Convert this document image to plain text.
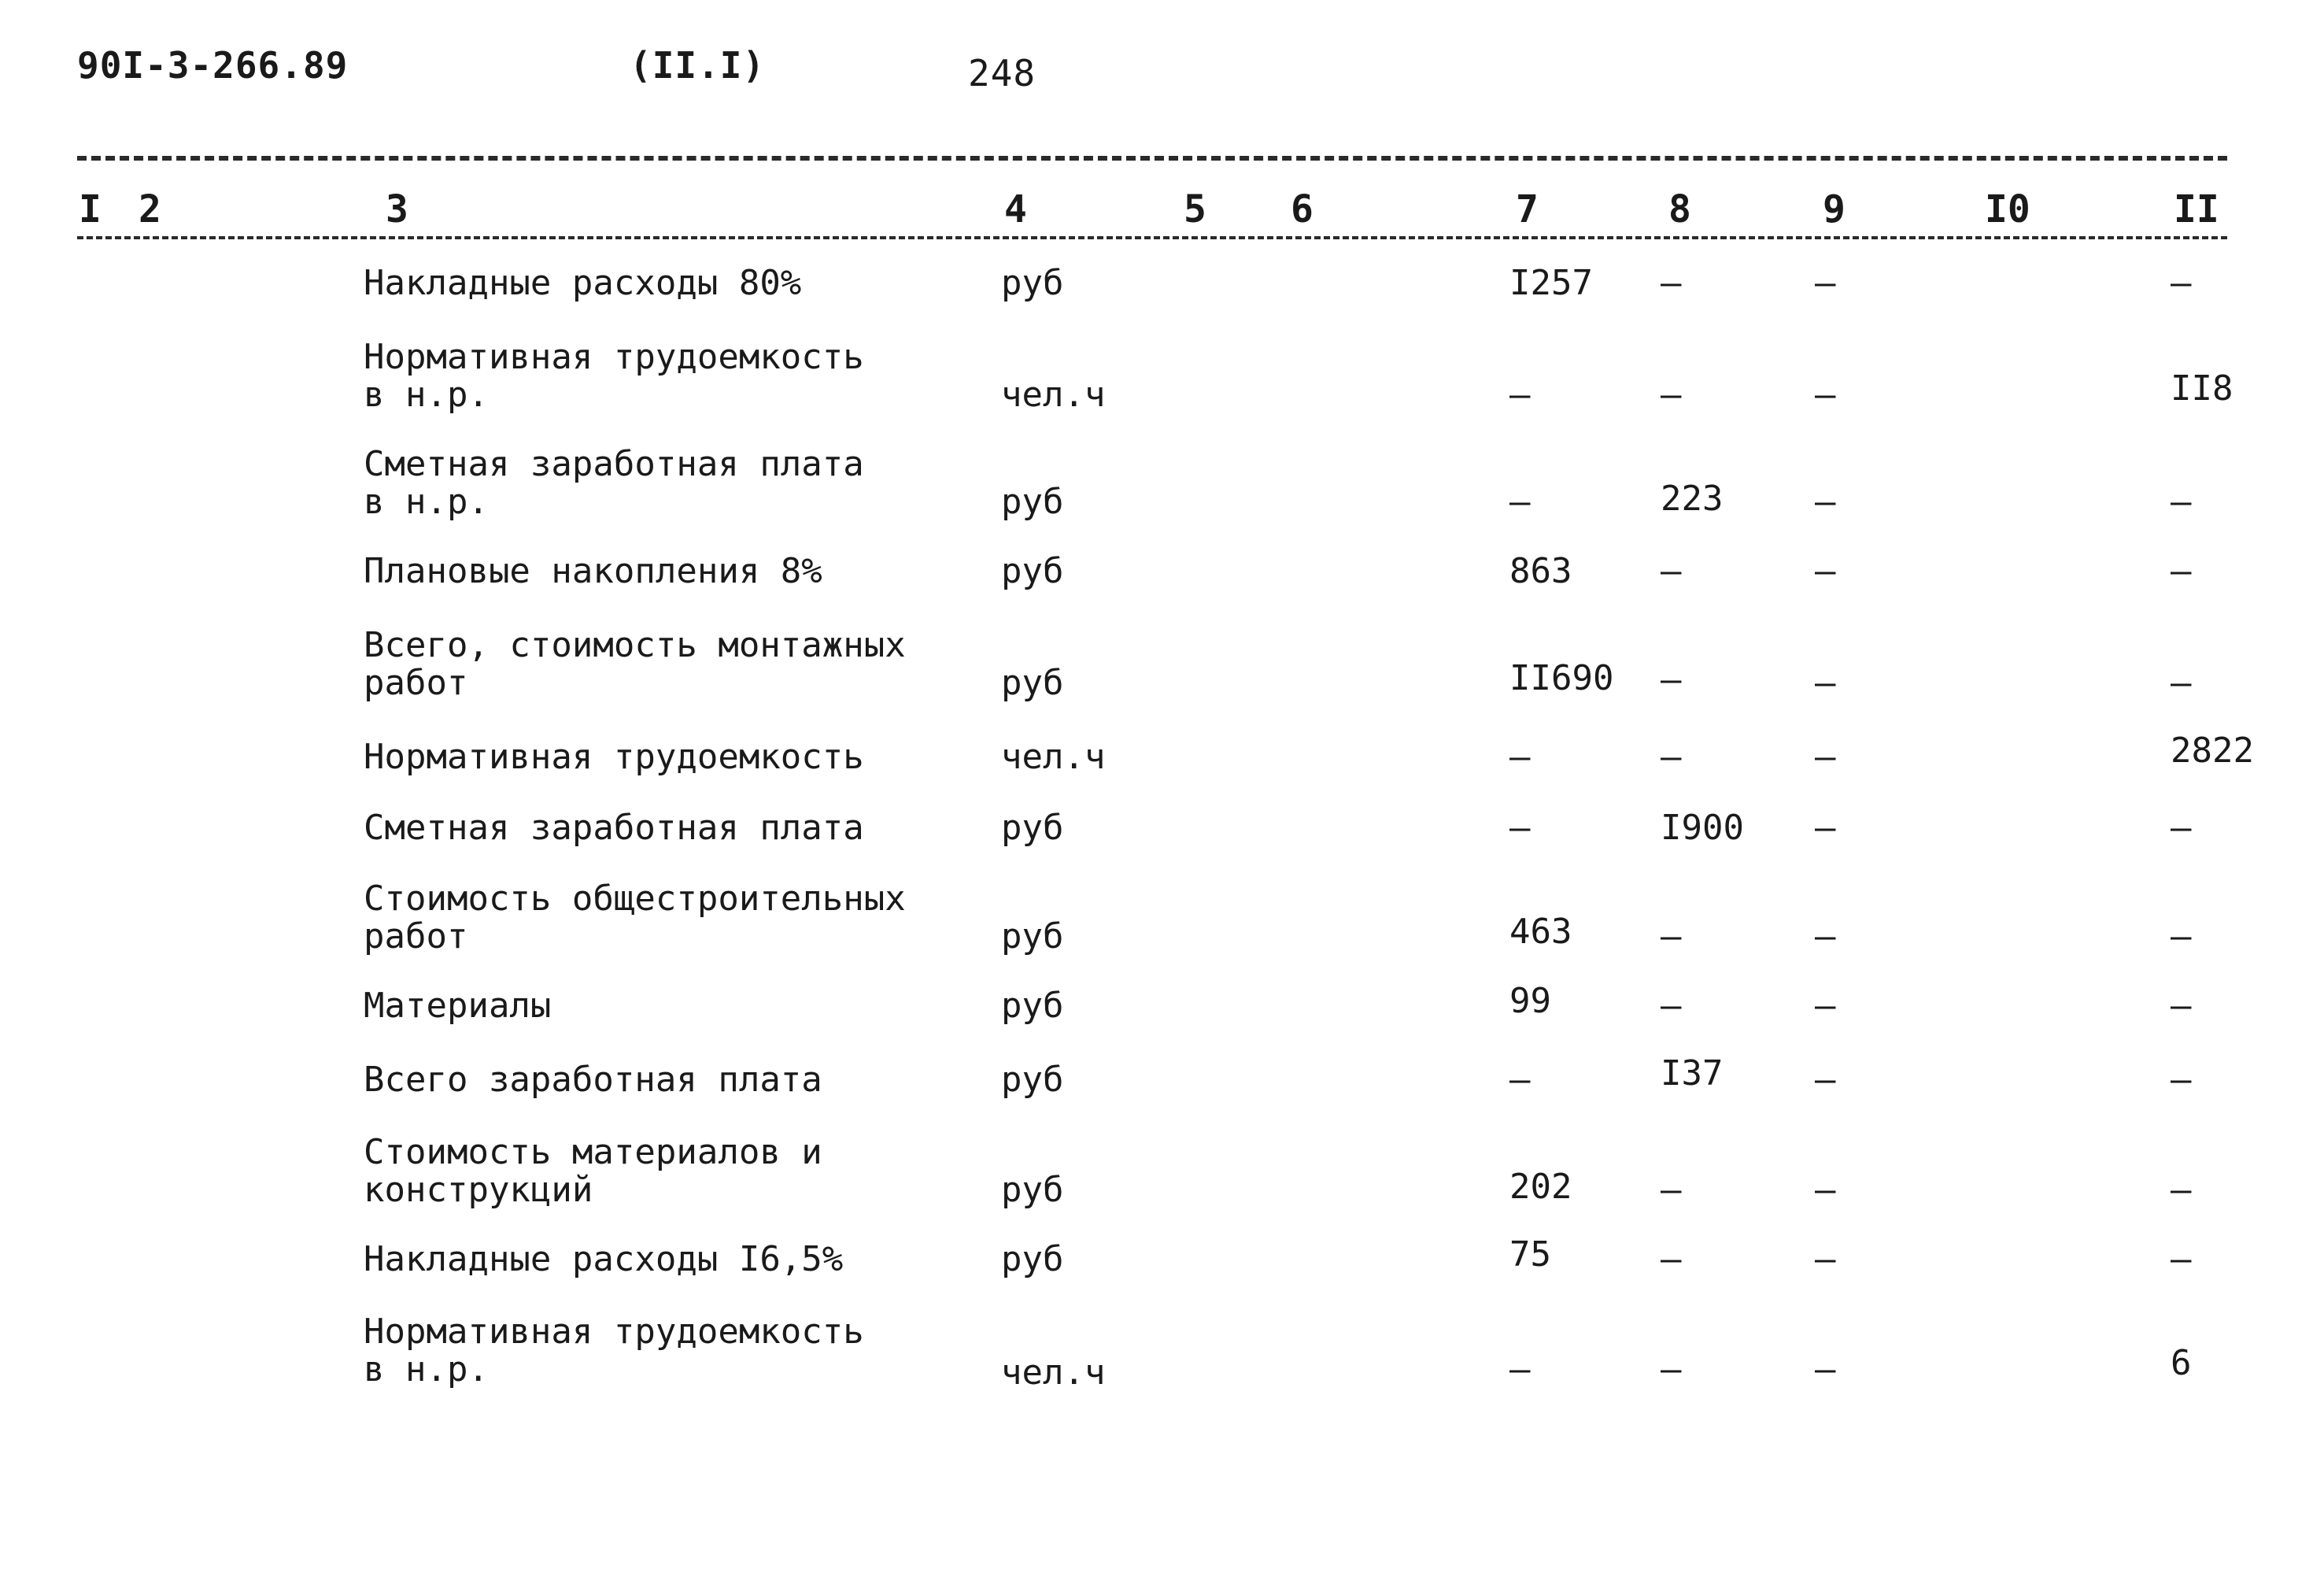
90I-3-266.89	(II.I)	248
I 2	3	4	5 6	7	8	9	I0	II
Накладные расходы 80%	руб	I257 –	–	–
Нормативная трудоемкость
в н.р.	чел.ч	–	–	–	II8
Сметная заработная плата
в н.р.	руб	–	223	–	–
Плановые накопления 8%	руб	863	–	–	–
Всего, стоимость монтажных
работ	руб	II690 –	–	–
Нормативная трудоемкость	чел.ч	–	–	–	2822
Сметная заработная плата	руб	–	I900 –	–
Стоимость общестроительных
работ	руб	463	–	–	–
Материалы	руб	99	–	–	–
Всего заработная плата	руб	–	I37	–	–
Стоимость материалов и
конструкций	руб	202	–	–	–
Накладные расходы I6,5%	руб	75	–	–	–
Нормативная трудоемкость
в н.р.	чел.ч	–	–	–	6
